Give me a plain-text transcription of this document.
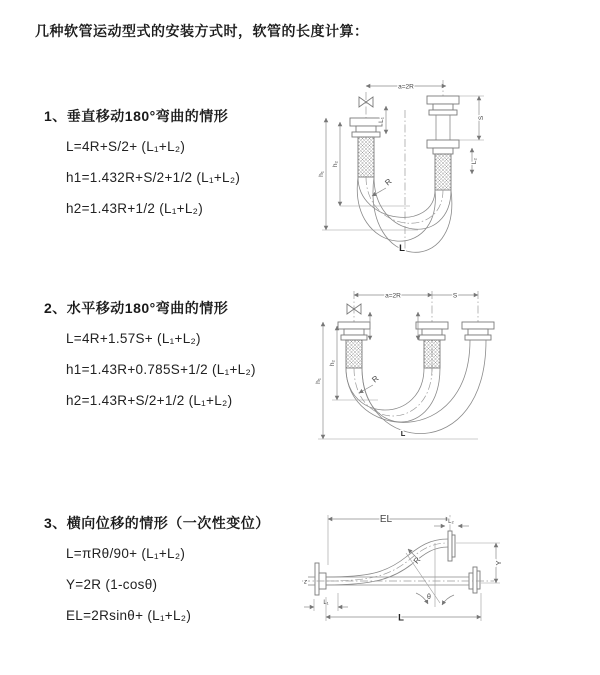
几种软管运动型式的安装方式时，软管的长度计算：
1、垂直移动180°弯曲的情形
L=4R+S/2+ (L₁+L₂)
h1=1.432R+S/2+1/2 (L₁+L₂)
h2=1.43R+1/2 (L₁+L₂)
2、水平移动180°弯曲的情形
L=4R+1.57S+ (L₁+L₂)
h1=1.43R+0.785S+1/2 (L₁+L₂)
h2=1.43R+S/2+1/2 (L₁+L₂)
3、横向位移的情形（一次性变位）
L=πRθ/90+ (L₁+L₂)
Y=2R (1-cosθ)
EL=2Rsinθ+ (L₁+L₂)
a=2R
h₁
h₂
L₁	S
L₂
R
L
a=2R	S
h₁
h₂
R
L
EL	L₂
z
R
θ
Y
L₁
L
